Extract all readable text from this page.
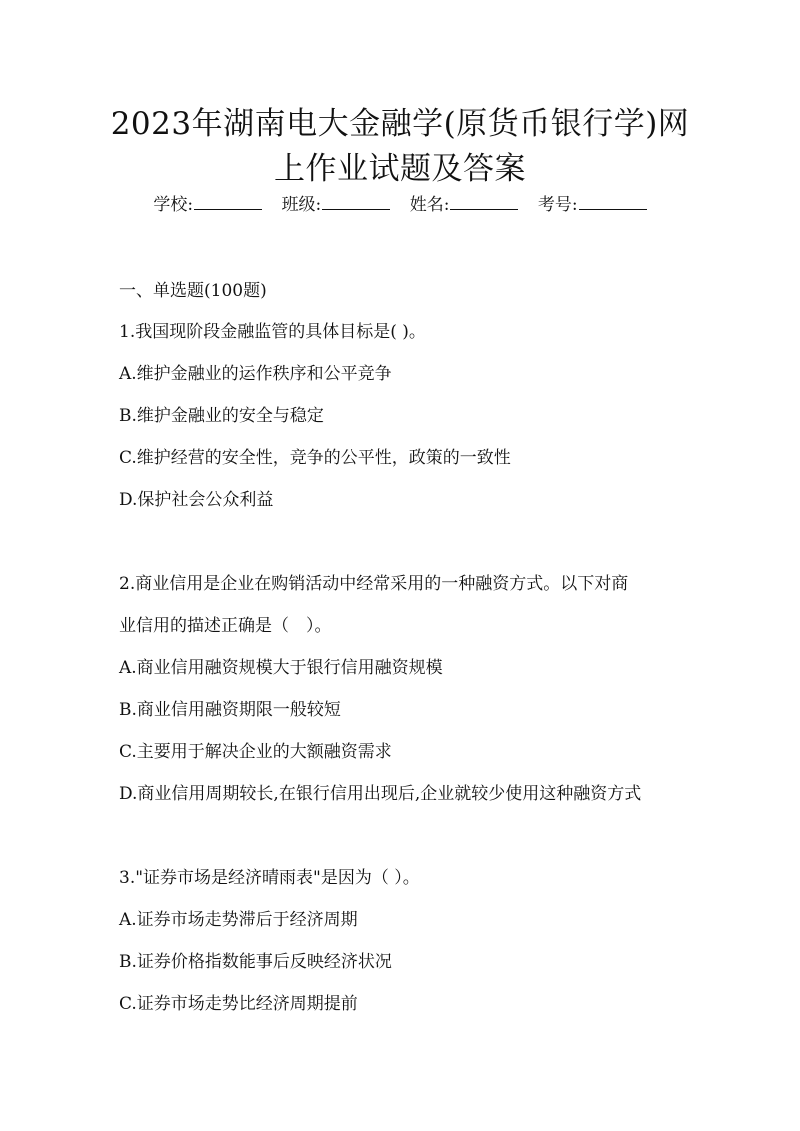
2023年湖南电大金融学(原货币银行学)网
上作业试题及答案
学校:	班级:	姓名:	考号:
一、单选题(100题)
1.我国现阶段金融监管的具体目标是( )。
A.维护金融业的运作秩序和公平竞争
B.维护金融业的安全与稳定
C.维护经营的安全性，竞争的公平性，政策的一致性
D.保护社会公众利益
2.商业信用是企业在购销活动中经常采用的一种融资方式。以下对商
业信用的描述正确是（　）。
A.商业信用融资规模大于银行信用融资规模
B.商业信用融资期限一般较短
C.主要用于解决企业的大额融资需求
D.商业信用周期较长,在银行信用出现后,企业就较少使用这种融资方式
3."证券市场是经济晴雨表"是因为（ ）。
A.证券市场走势滞后于经济周期
B.证券价格指数能事后反映经济状况
C.证券市场走势比经济周期提前
